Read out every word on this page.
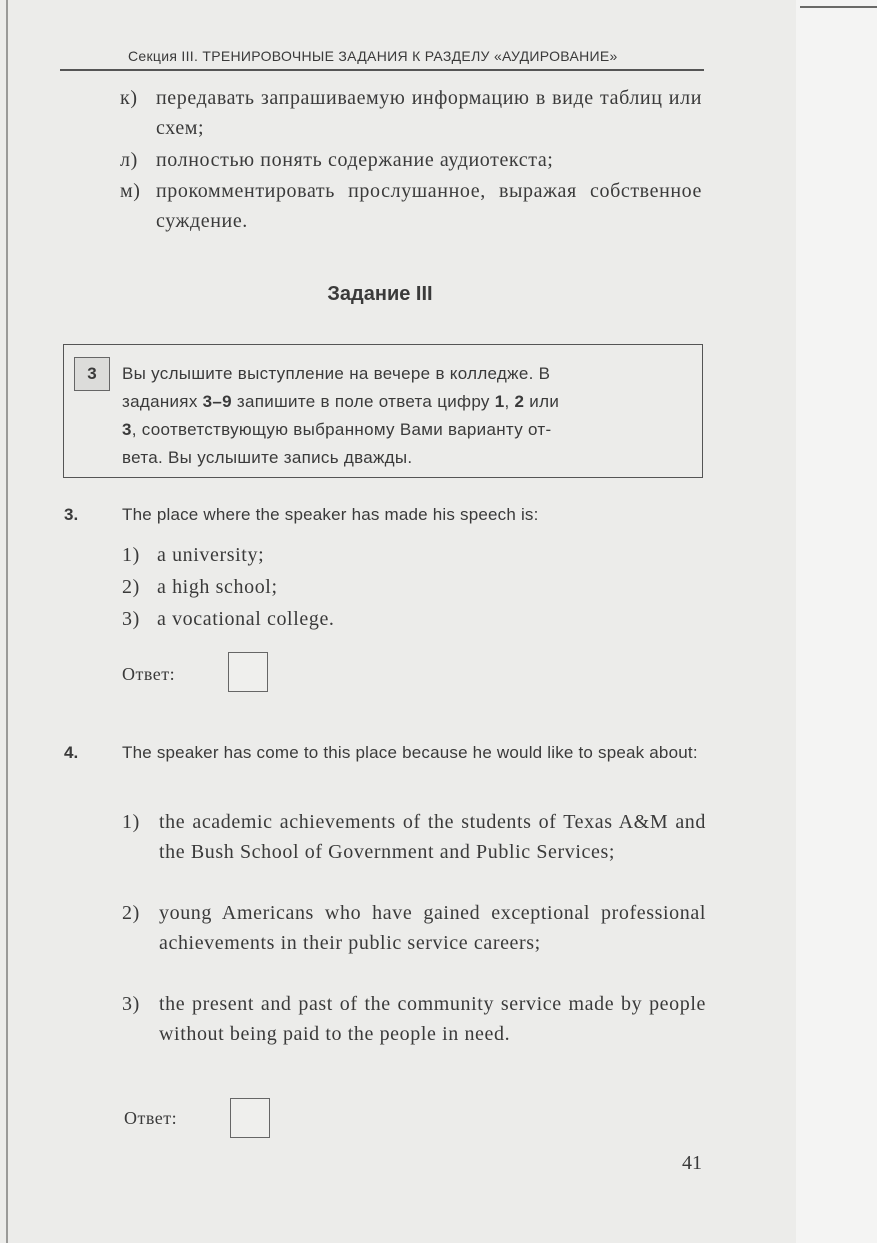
Секция III. ТРЕНИРОВОЧНЫЕ ЗАДАНИЯ К РАЗДЕЛУ «АУДИРОВАНИЕ»
к) передавать запрашиваемую информацию в виде таблиц или схем;
л) полностью понять содержание аудиотекста;
м) прокомментировать прослушанное, выражая собственное суждение.
Задание III
3	Вы услышите выступление на вечере в колледже. В
заданиях 3–9 запишите в поле ответа цифру 1, 2 или
3, соответствующую выбранному Вами варианту от-
вета. Вы услышите запись дважды.
3.	The place where the speaker has made his speech is:
1) a university;
2) a high school;
3) a vocational college.
Ответ:
4.	The speaker has come to this place because he would like to speak about:
1) the academic achievements of the students of Texas A&M and the Bush School of Government and Public Services;
2) young Americans who have gained exceptional professional achievements in their public service careers;
3) the present and past of the community service made by people without being paid to the people in need.
Ответ:
41
